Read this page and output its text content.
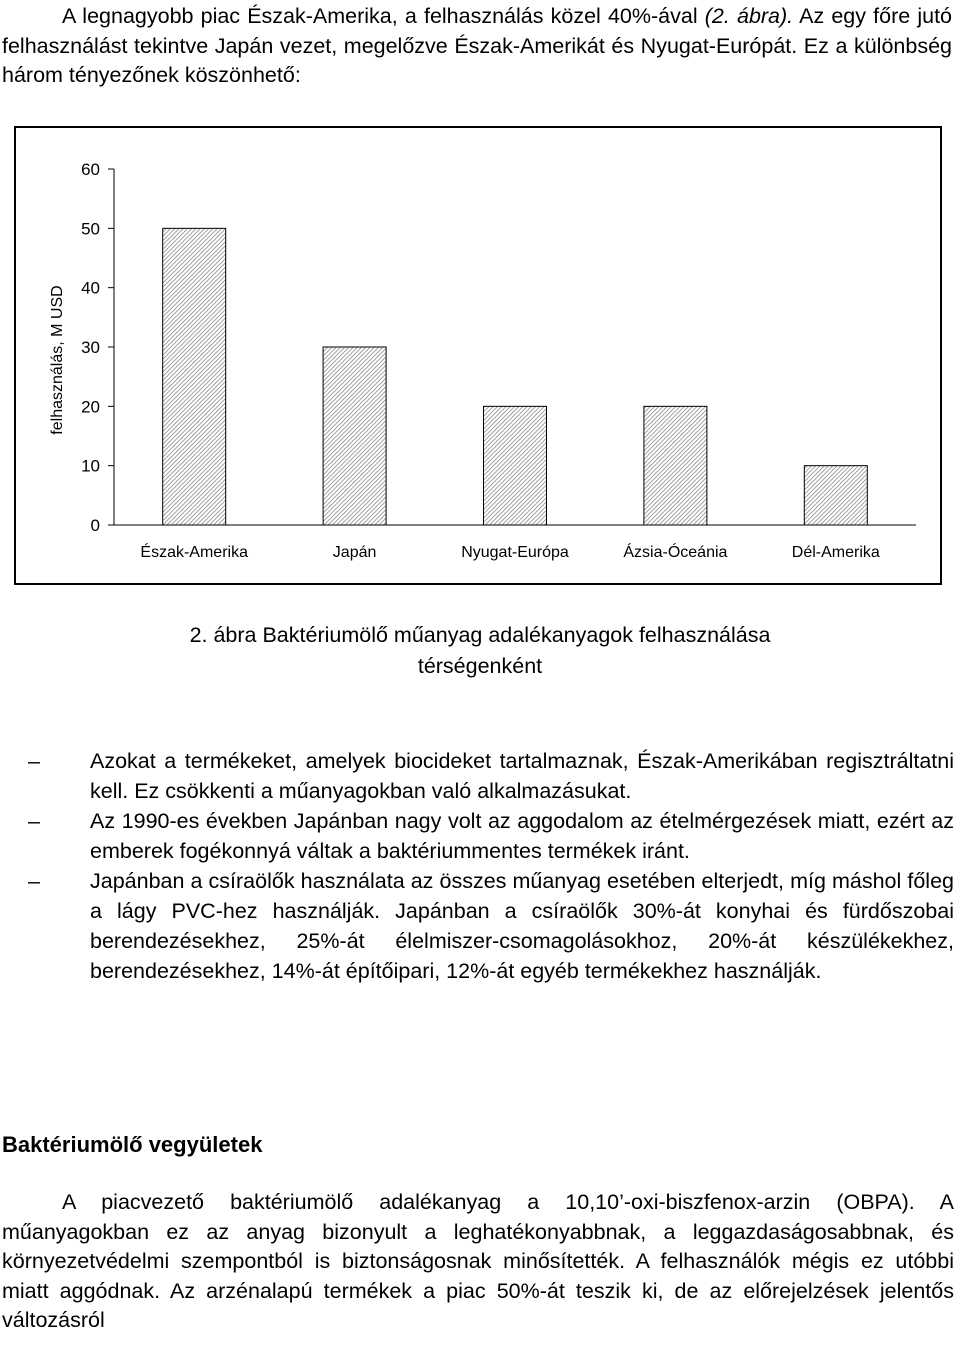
A legnagyobb piac Észak-Amerika, a felhasználás közel 40%-ával (2. ábra). Az egy főre jutó felhasználást tekintve Japán vezet, megelőzve Észak-Amerikát és Nyugat-Európát. Ez a különbség három tényezőnek köszönhető:
felhasználás, M USD
0
10
20
30
40
50
60
Észak-Amerika	Japán	Nyugat-Európa	Ázsia-Óceánia	Dél-Amerika
2. ábra Baktériumölő műanyag adalékanyagok felhasználása
térségenként
– Azokat a termékeket, amelyek biocideket tartalmaznak, Észak-Amerikában regisztráltatni kell. Ez csökkenti a műanyagokban való alkalmazásukat.
– Az 1990-es években Japánban nagy volt az aggodalom az ételmérgezések miatt, ezért az emberek fogékonnyá váltak a baktériummentes termékek iránt.
– Japánban a csíraölők használata az összes műanyag esetében elterjedt, míg máshol főleg a lágy PVC-hez használják. Japánban a csíraölők 30%-át konyhai és fürdőszobai berendezésekhez, 25%-át élelmiszer-csomagolásokhoz, 20%-át készülékekhez, berendezésekhez, 14%-át építőipari, 12%-át egyéb termékekhez használják.
Baktériumölő vegyületek
A piacvezető baktériumölő adalékanyag a 10,10’-oxi-biszfenox-arzin (OBPA). A műanyagokban ez az anyag bizonyult a leghatékonyabbnak, a leggazdaságosabbnak, és környezetvédelmi szempontból is biztonságosnak minősítették. A felhasználók mégis ez utóbbi miatt aggódnak. Az arzénalapú termékek a piac 50%-át teszik ki, de az előrejelzések jelentős változásról
